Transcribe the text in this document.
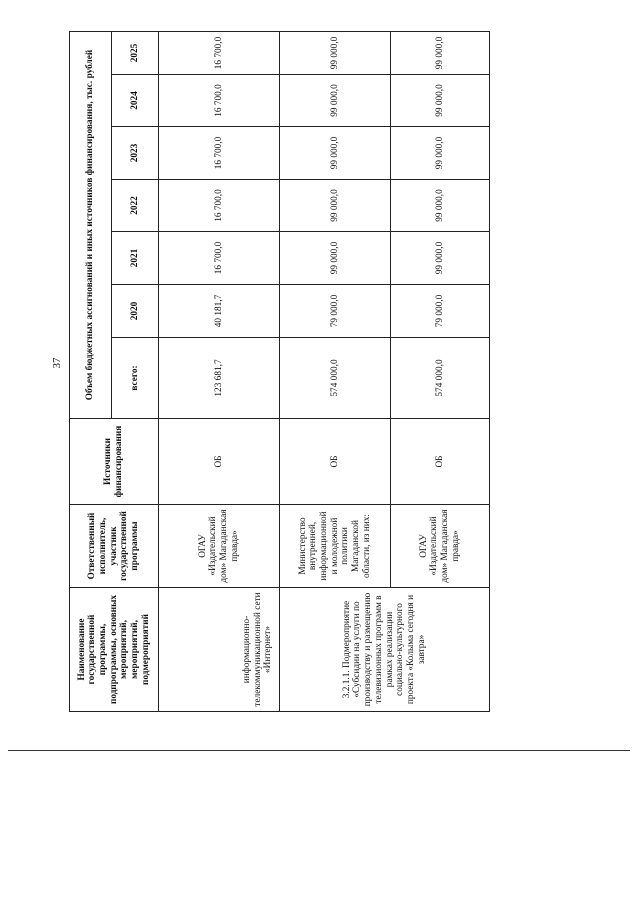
37
Наименование государственной программы, подпрограммы, основных мероприятий, мероприятий, подмероприятий	Ответственный исполнитель, участник государственной программы	Источники финансирования	Объем бюджетных ассигнований и иных источников финансирования, тыс. рублей						
			всего:	2020	2021	2022	2023	2024	2025
информационно-телекоммуникационной сети «Интернет»	ОГАУ «Издательский дом» Магаданская правда»	ОБ	123 681,7	40 181,7	16 700,0	16 700,0	16 700,0	16 700,0	16 700,0
3.2.1.1. Подмероприятие «Субсидии на услуги по производству и размещению телевизионных программ в рамках реализации социально-культурного проекта «Колыма сегодня и завтра»	Министерство внутренней, информационной и молодежной политики Магаданской области, из них:	ОБ	574 000,0	79 000,0	99 000,0	99 000,0	99 000,0	99 000,0	99 000,0
	ОГАУ «Издательский дом» Магаданская правда»	ОБ	574 000,0	79 000,0	99 000,0	99 000,0	99 000,0	99 000,0	99 000,0
